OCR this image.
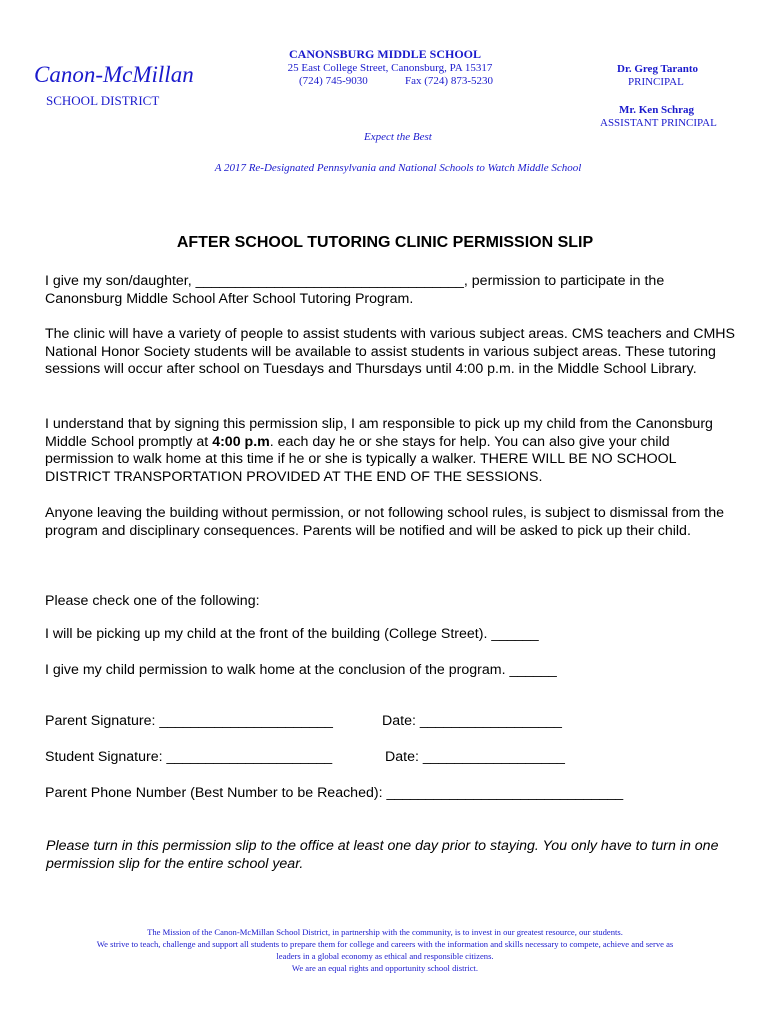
Canon-McMillan
SCHOOL DISTRICT
CANONSBURG MIDDLE SCHOOL
25 East College Street, Canonsburg, PA 15317
(724) 745-9030	Fax (724) 873-5230
Dr. Greg Taranto
PRINCIPAL
Mr. Ken Schrag
ASSISTANT PRINCIPAL
Expect the Best
A 2017 Re-Designated Pennsylvania and National Schools to Watch Middle School
AFTER SCHOOL TUTORING CLINIC PERMISSION SLIP
I give my son/daughter, __________________________________, permission to participate in the Canonsburg Middle School After School Tutoring Program.
The clinic will have a variety of people to assist students with various subject areas. CMS teachers and CMHS National Honor Society students will be available to assist students in various subject areas. These tutoring sessions will occur after school on Tuesdays and Thursdays until 4:00 p.m. in the Middle School Library.
I understand that by signing this permission slip, I am responsible to pick up my child from the Canonsburg Middle School promptly at 4:00 p.m. each day he or she stays for help. You can also give your child permission to walk home at this time if he or she is typically a walker. THERE WILL BE NO SCHOOL DISTRICT TRANSPORTATION PROVIDED AT THE END OF THE SESSIONS.
Anyone leaving the building without permission, or not following school rules, is subject to dismissal from the program and disciplinary consequences. Parents will be notified and will be asked to pick up their child.
Please check one of the following:
I will be picking up my child at the front of the building (College Street). ______
I give my child permission to walk home at the conclusion of the program. ______
Parent Signature: ______________________	Date: __________________
Student Signature: _____________________	Date: __________________
Parent Phone Number (Best Number to be Reached): ______________________________
Please turn in this permission slip to the office at least one day prior to staying. You only have to turn in one permission slip for the entire school year.
The Mission of the Canon-McMillan School District, in partnership with the community, is to invest in our greatest resource, our students.
We strive to teach, challenge and support all students to prepare them for college and careers with the information and skills necessary to compete, achieve and serve as
leaders in a global economy as ethical and responsible citizens.
We are an equal rights and opportunity school district.
